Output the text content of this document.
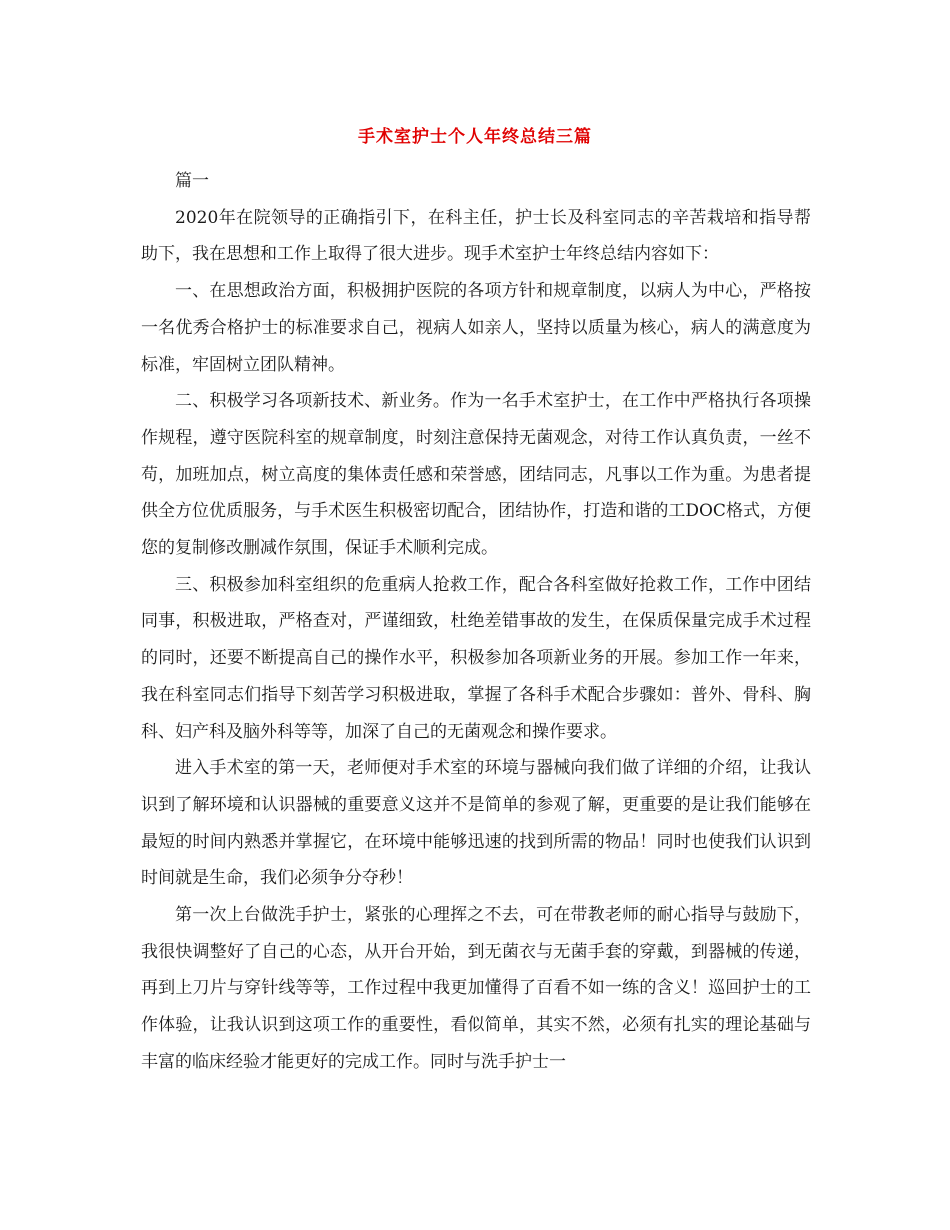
手术室护士个人年终总结三篇

篇一

2020年在院领导的正确指引下，在科主任，护士长及科室同志的辛苦栽培和指导帮助下，我在思想和工作上取得了很大进步。现手术室护士年终总结内容如下：

一、在思想政治方面，积极拥护医院的各项方针和规章制度，以病人为中心，严格按一名优秀合格护士的标准要求自己，视病人如亲人，坚持以质量为核心，病人的满意度为标准，牢固树立团队精神。

二、积极学习各项新技术、新业务。作为一名手术室护士，在工作中严格执行各项操作规程，遵守医院科室的规章制度，时刻注意保持无菌观念，对待工作认真负责，一丝不苟，加班加点，树立高度的集体责任感和荣誉感，团结同志，凡事以工作为重。为患者提供全方位优质服务，与手术医生积极密切配合，团结协作，打造和谐的工DOC格式，方便您的复制修改删减作氛围，保证手术顺利完成。

三、积极参加科室组织的危重病人抢救工作，配合各科室做好抢救工作，工作中团结同事，积极进取，严格查对，严谨细致，杜绝差错事故的发生，在保质保量完成手术过程的同时，还要不断提高自己的操作水平，积极参加各项新业务的开展。参加工作一年来，我在科室同志们指导下刻苦学习积极进取，掌握了各科手术配合步骤如：普外、骨科、胸科、妇产科及脑外科等等，加深了自己的无菌观念和操作要求。

进入手术室的第一天，老师便对手术室的环境与器械向我们做了详细的介绍，让我认识到了解环境和认识器械的重要意义这并不是简单的参观了解，更重要的是让我们能够在最短的时间内熟悉并掌握它，在环境中能够迅速的找到所需的物品！同时也使我们认识到时间就是生命，我们必须争分夺秒！

第一次上台做洗手护士，紧张的心理挥之不去，可在带教老师的耐心指导与鼓励下，我很快调整好了自己的心态，从开台开始，到无菌衣与无菌手套的穿戴，到器械的传递，再到上刀片与穿针线等等，工作过程中我更加懂得了百看不如一练的含义！巡回护士的工作体验，让我认识到这项工作的重要性，看似简单，其实不然，必须有扎实的理论基础与丰富的临床经验才能更好的完成工作。同时与洗手护士一
